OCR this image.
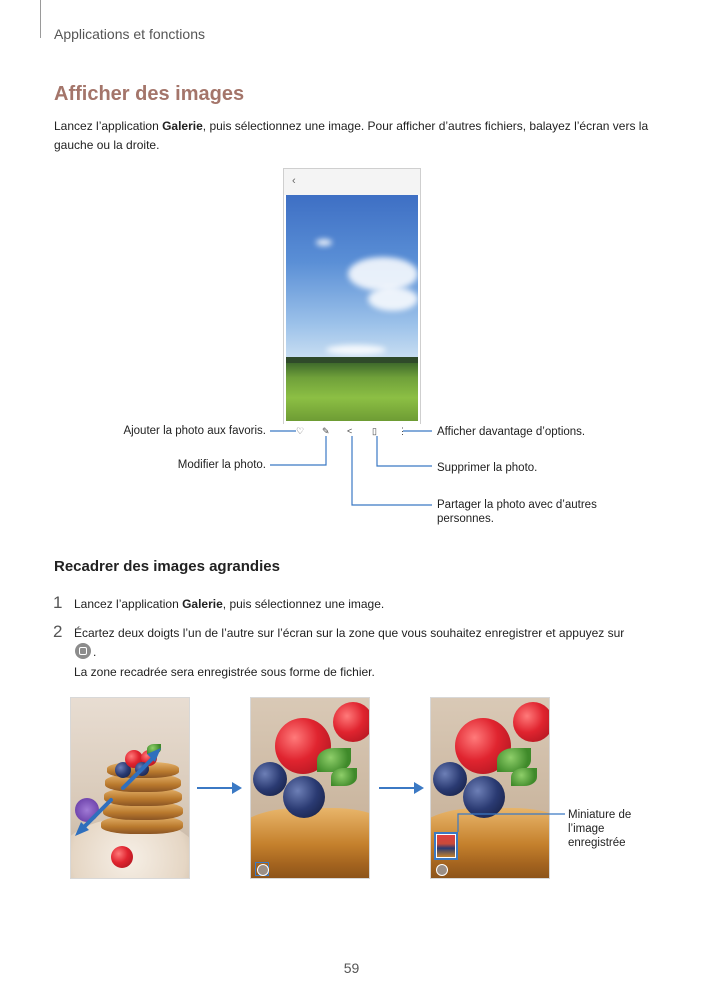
Applications et fonctions
Afficher des images
Lancez l’application Galerie, puis sélectionnez une image. Pour afficher d’autres fichiers, balayez l’écran vers la gauche ou la droite.
‹
♡ ✎ < ▯ ⋮
Ajouter la photo aux favoris.
Modifier la photo.
Afficher davantage d’options.
Supprimer la photo.
Partager la photo avec d’autres personnes.
Recadrer des images agrandies
1 Lancez l’application Galerie, puis sélectionnez une image.
2 Écartez deux doigts l’un de l’autre sur l’écran sur la zone que vous souhaitez enregistrer et appuyez sur
.
La zone recadrée sera enregistrée sous forme de fichier.
Miniature de l’image enregistrée
59
